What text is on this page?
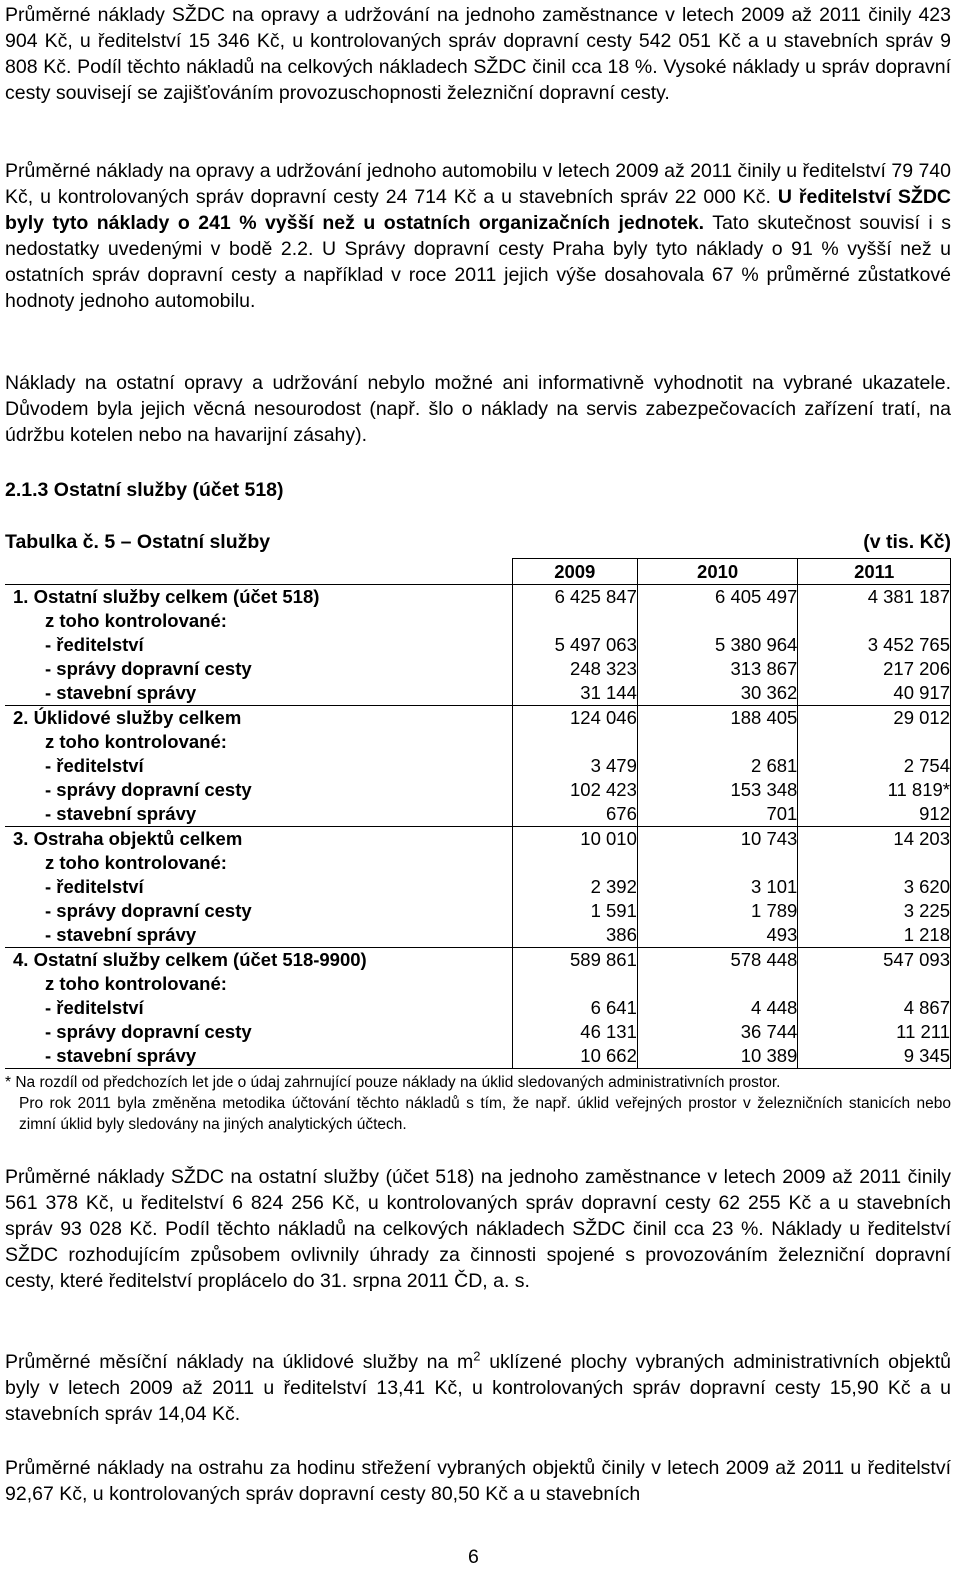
Průměrné náklady SŽDC na opravy a udržování na jednoho zaměstnance v letech 2009 až 2011 činily 423 904 Kč, u ředitelství 15 346 Kč, u kontrolovaných správ dopravní cesty 542 051 Kč a u stavebních správ 9 808 Kč. Podíl těchto nákladů na celkových nákladech SŽDC činil cca 18 %. Vysoké náklady u správ dopravní cesty souvisejí se zajišťováním provozuschopnosti železniční dopravní cesty.

Průměrné náklady na opravy a udržování jednoho automobilu v letech 2009 až 2011 činily u ředitelství 79 740 Kč, u kontrolovaných správ dopravní cesty 24 714 Kč a u stavebních správ 22 000 Kč. U ředitelství SŽDC byly tyto náklady o 241 % vyšší než u ostatních organizačních jednotek. Tato skutečnost souvisí i s nedostatky uvedenými v bodě 2.2. U Správy dopravní cesty Praha byly tyto náklady o 91 % vyšší než u ostatních správ dopravní cesty a například v roce 2011 jejich výše dosahovala 67 % průměrné zůstatkové hodnoty jednoho automobilu.

Náklady na ostatní opravy a udržování nebylo možné ani informativně vyhodnotit na vybrané ukazatele. Důvodem byla jejich věcná nesourodost (např. šlo o náklady na servis zabezpečovacích zařízení tratí, na údržbu kotelen nebo na havarijní zásahy).

2.1.3 Ostatní služby (účet 518)
Tabulka č. 5 – Ostatní služby	(v tis. Kč)
	2009	2010	2011
1. Ostatní služby celkem (účet 518)	6 425 847	6 405 497	4 381 187
z toho kontrolované:			
- ředitelství	5 497 063	5 380 964	3 452 765
- správy dopravní cesty	248 323	313 867	217 206
- stavební správy	31 144	30 362	40 917
2. Úklidové služby celkem	124 046	188 405	29 012
z toho kontrolované:			
- ředitelství	3 479	2 681	2 754
- správy dopravní cesty	102 423	153 348	11 819*
- stavební správy	676	701	912
3. Ostraha objektů celkem	10 010	10 743	14 203
z toho kontrolované:			
- ředitelství	2 392	3 101	3 620
- správy dopravní cesty	1 591	1 789	3 225
- stavební správy	386	493	1 218
4. Ostatní služby celkem (účet 518-9900)	589 861	578 448	547 093
z toho kontrolované:			
- ředitelství	6 641	4 448	4 867
- správy dopravní cesty	46 131	36 744	11 211
- stavební správy	10 662	10 389	9 345
* Na rozdíl od předchozích let jde o údaj zahrnující pouze náklady na úklid sledovaných administrativních prostor.
Pro rok 2011 byla změněna metodika účtování těchto nákladů s tím, že např. úklid veřejných prostor v železničních stanicích nebo zimní úklid byly sledovány na jiných analytických účtech.

Průměrné náklady SŽDC na ostatní služby (účet 518) na jednoho zaměstnance v letech 2009 až 2011 činily 561 378 Kč, u ředitelství 6 824 256 Kč, u kontrolovaných správ dopravní cesty 62 255 Kč a u stavebních správ 93 028 Kč. Podíl těchto nákladů na celkových nákladech SŽDC činil cca 23 %. Náklady u ředitelství SŽDC rozhodujícím způsobem ovlivnily úhrady za činnosti spojené s provozováním železniční dopravní cesty, které ředitelství proplácelo do 31. srpna 2011 ČD, a. s.

Průměrné měsíční náklady na úklidové služby na $m^2$ uklízené plochy vybraných administrativních objektů byly v letech 2009 až 2011 u ředitelství 13,41 Kč, u kontrolovaných správ dopravní cesty 15,90 Kč a u stavebních správ 14,04 Kč.

Průměrné náklady na ostrahu za hodinu střežení vybraných objektů činily v letech 2009 až 2011 u ředitelství 92,67 Kč, u kontrolovaných správ dopravní cesty 80,50 Kč a u stavebních

6
